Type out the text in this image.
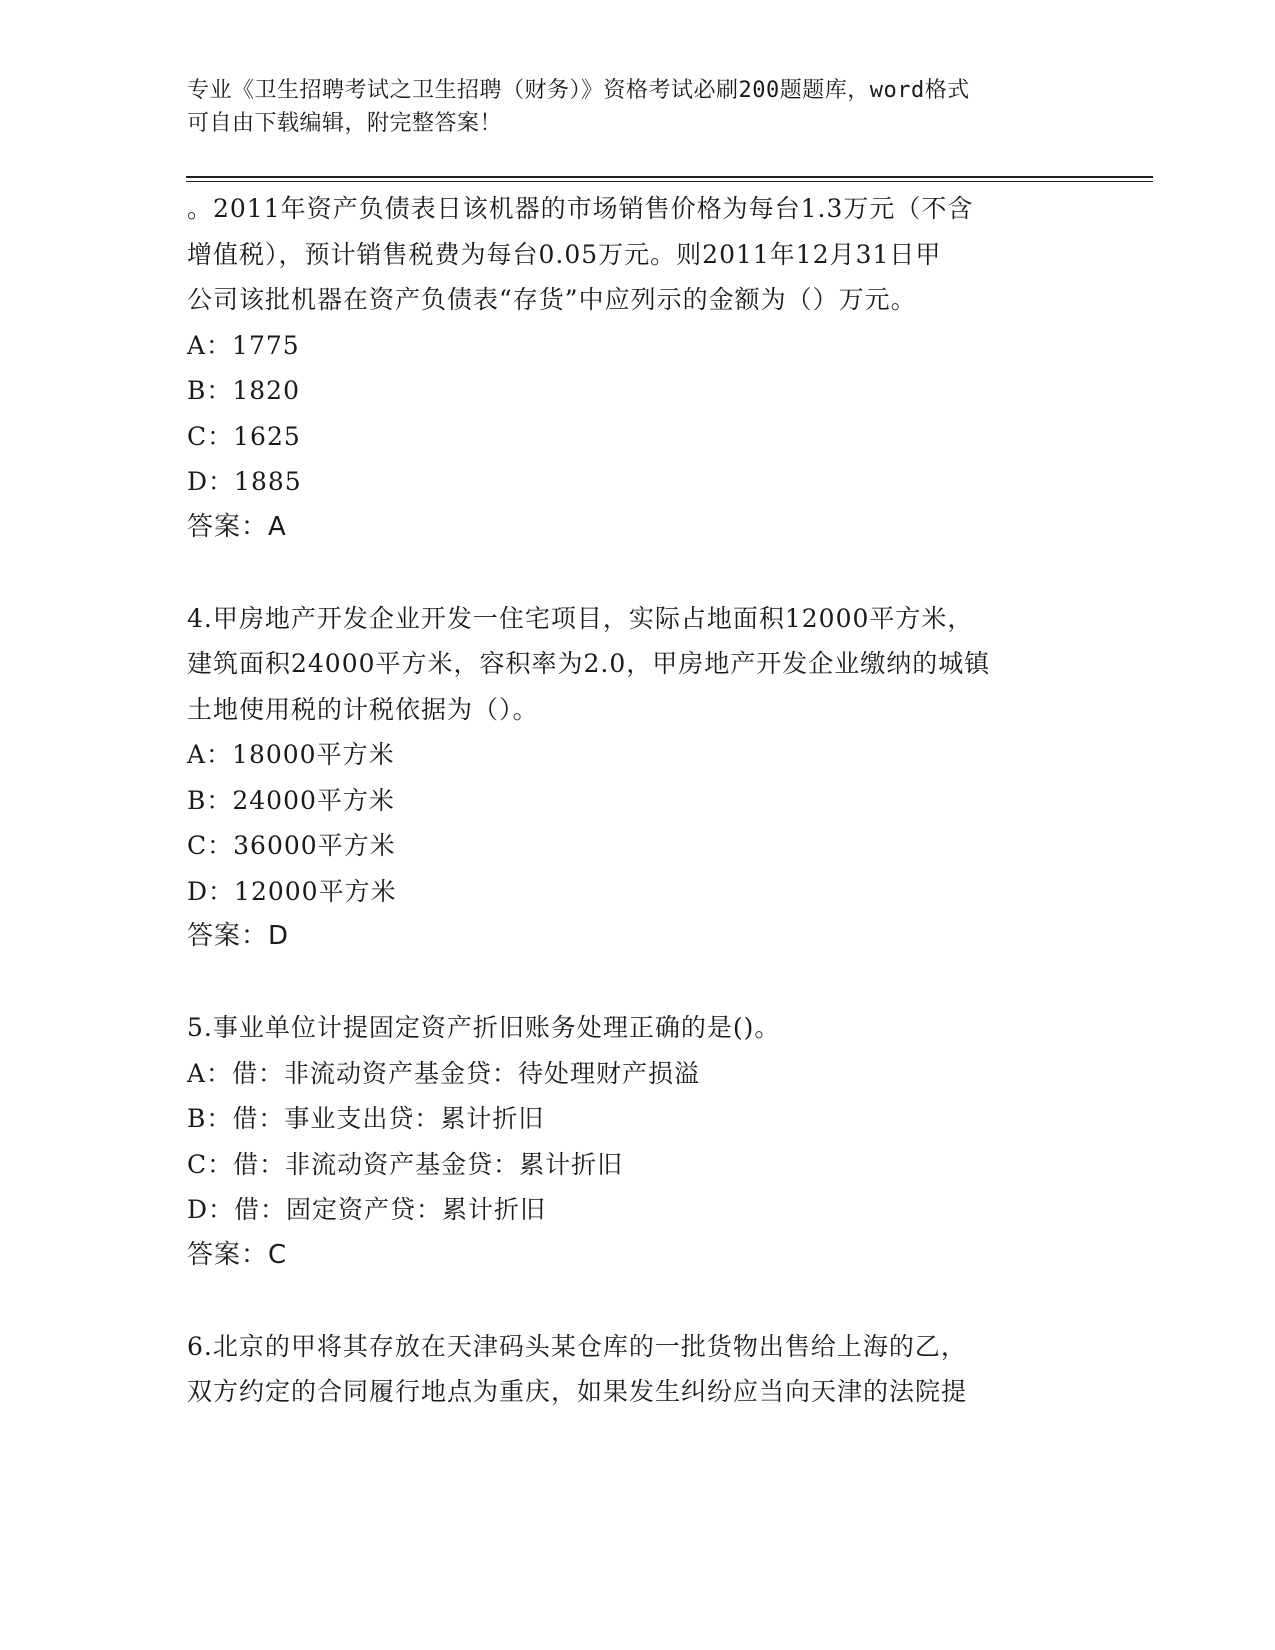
专业《卫生招聘考试之卫生招聘（财务）》资格考试必刷200题题库，word格式
可自由下载编辑，附完整答案！
。2011年资产负债表日该机器的市场销售价格为每台1.3万元（不含
增值税），预计销售税费为每台0.05万元。则2011年12月31日甲
公司该批机器在资产负债表“存货”中应列示的金额为（）万元。
A：1775
B：1820
C：1625
D：1885
答案：A
4.甲房地产开发企业开发一住宅项目，实际占地面积12000平方米，
建筑面积24000平方米，容积率为2.0，甲房地产开发企业缴纳的城镇
土地使用税的计税依据为（）。
A：18000平方米
B：24000平方米
C：36000平方米
D：12000平方米
答案：D
5.事业单位计提固定资产折旧账务处理正确的是()。
A：借：非流动资产基金贷：待处理财产损溢
B：借：事业支出贷：累计折旧
C：借：非流动资产基金贷：累计折旧
D：借：固定资产贷：累计折旧
答案：C
6.北京的甲将其存放在天津码头某仓库的一批货物出售给上海的乙，
双方约定的合同履行地点为重庆，如果发生纠纷应当向天津的法院提
